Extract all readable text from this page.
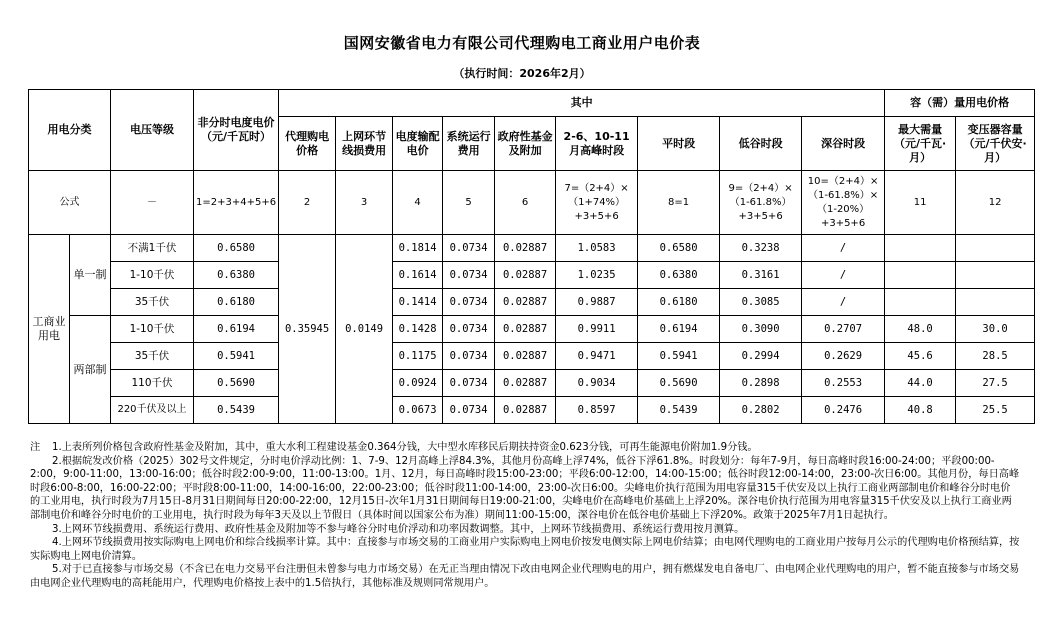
国网安徽省电力有限公司代理购电工商业用户电价表
（执行时间：2026年2月）
用电分类		电压等级	非分时电度电价（元/千瓦时）	其中									容（需）量用电价格	
				代理购电价格	上网环节线损费用	电度输配电价	系统运行费用	政府性基金及附加	2-6、10-11月高峰时段	平时段	低谷时段	深谷时段	最大需量（元/千瓦·月）	变压器容量（元/千伏安·月）
公式		－	1=2+3+4+5+6	2	3	4	5	6	7=（2+4）×（1+74%）+3+5+6	8=1	9=（2+4）×（1-61.8%）+3+5+6	10=（2+4）×（1-61.8%）×（1-20%）+3+5+6	11	12
工商业用电	单一制	不满1千伏	0.6580	0.35945	0.0149	0.1814	0.0734	0.02887	1.0583	0.6580	0.3238	/		
		1-10千伏	0.6380			0.1614	0.0734	0.02887	1.0235	0.6380	0.3161	/		
		35千伏	0.6180			0.1414	0.0734	0.02887	0.9887	0.6180	0.3085	/		
	两部制	1-10千伏	0.6194			0.1428	0.0734	0.02887	0.9911	0.6194	0.3090	0.2707	48.0	30.0
		35千伏	0.5941			0.1175	0.0734	0.02887	0.9471	0.5941	0.2994	0.2629	45.6	28.5
		110千伏	0.5690			0.0924	0.0734	0.02887	0.9034	0.5690	0.2898	0.2553	44.0	27.5
		220千伏及以上	0.5439			0.0673	0.0734	0.02887	0.8597	0.5439	0.2802	0.2476	40.8	25.5

注 1.上表所列价格包含政府性基金及附加，其中，重大水利工程建设基金0.364分钱，大中型水库移民后期扶持资金0.623分钱，可再生能源电价附加1.9分钱。

2.根据皖发改价格（2025）302号文件规定，分时电价浮动比例：1、7-9、12月高峰上浮84.3%，其他月份高峰上浮74%，低谷下浮61.8%。时段划分：每年7-9月，每日高峰时段16:00-24:00；平段00:00-2:00，9:00-11:00，13:00-16:00；低谷时段2:00-9:00，11:00-13:00。1月、12月，每日高峰时段15:00-23:00；平段6:00-12:00，14:00-15:00；低谷时段12:00-14:00，23:00-次日6:00。其他月份，每日高峰时段6:00-8:00，16:00-22:00；平时段8:00-11:00，14:00-16:00，22:00-23:00；低谷时段11:00-14:00，23:00-次日6:00。尖峰电价执行范围为用电容量315千伏安及以上执行工商业两部制电价和峰谷分时电价的工业用电，执行时段为7月15日-8月31日期间每日20:00-22:00，12月15日-次年1月31日期间每日19:00-21:00，尖峰电价在高峰电价基础上上浮20%。深谷电价执行范围为用电容量315千伏安及以上执行工商业两部制电价和峰谷分时电价的工业用电，执行时段为每年3天及以上节假日（具体时间以国家公布为准）期间11:00-15:00，深谷电价在低谷电价基础上下浮20%。政策于2025年7月1日起执行。

3.上网环节线损费用、系统运行费用、政府性基金及附加等不参与峰谷分时电价浮动和功率因数调整。其中，上网环节线损费用、系统运行费用按月测算。

4.上网环节线损费用按实际购电上网电价和综合线损率计算。其中：直接参与市场交易的工商业用户实际购电上网电价按发电侧实际上网电价结算；由电网代理购电的工商业用户按每月公示的代理购电价格预结算，按实际购电上网电价清算。

5.对于已直接参与市场交易（不含已在电力交易平台注册但未曾参与电力市场交易）在无正当理由情况下改由电网企业代理购电的用户，拥有燃煤发电自备电厂、由电网企业代理购电的用户，暂不能直接参与市场交易由电网企业代理购电的高耗能用户，代理购电价格按上表中的1.5倍执行，其他标准及规则同常规用户。
